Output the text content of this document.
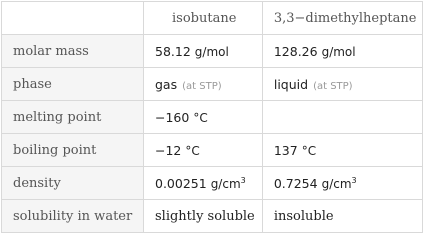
	isobutane	3,3−dimethylheptane
molar mass	58.12 g/mol	128.26 g/mol
phase	gas (at STP)	liquid (at STP)
melting point	−160 °C	
boiling point	−12 °C	137 °C
density	0.00251 $g/cm^3$	0.7254 $g/cm^3$
solubility in water	slightly soluble	insoluble
